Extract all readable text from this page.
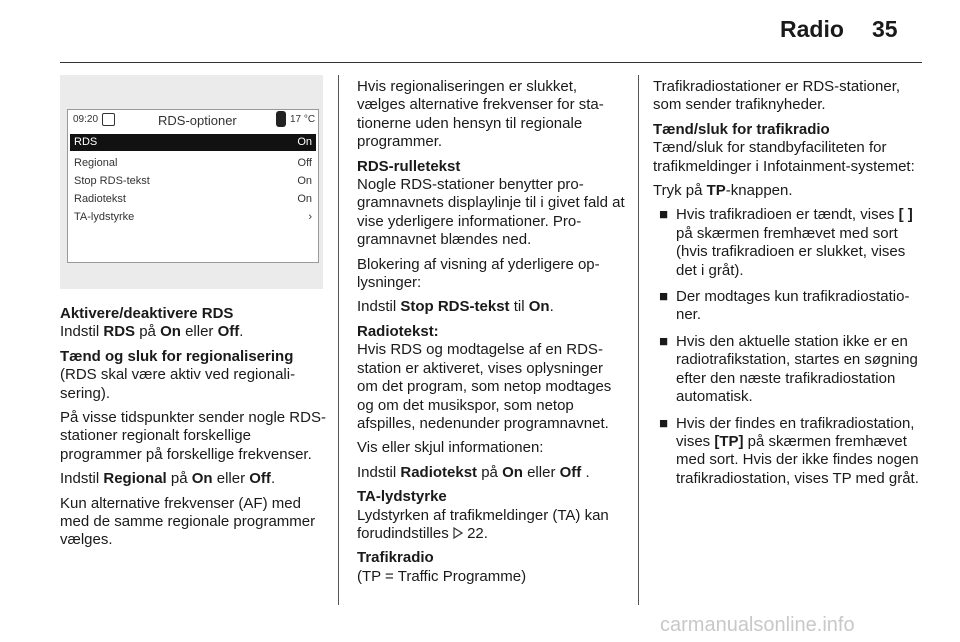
Radio 35
09:20	RDS-optioner	17 °C
RDS	On
Regional	Off
Stop RDS-tekst	On
Radiotekst	On
TA-lydstyrke	›

Aktivere/deaktivere RDS

Indstil RDS på On eller Off.

Tænd og sluk for regionalisering

(RDS skal være aktiv ved regionalisering).

På visse tidspunkter sender nogle RDS-stationer regionalt forskellige programmer på forskellige frekvenser.

Indstil Regional på On eller Off.

Kun alternative frekvenser (AF) med med de samme regionale programmer vælges.

Hvis regionaliseringen er slukket, vælges alternative frekvenser for stationerne uden hensyn til regionale programmer.

RDS-rulletekst

Nogle RDS-stationer benytter programnavnets displaylinje til i givet fald at vise yderligere informationer. Programnavnet blændes ned.

Blokering af visning af yderligere oplysninger:

Indstil Stop RDS-tekst til On.

Radiotekst:

Hvis RDS og modtagelse af en RDS-station er aktiveret, vises oplysninger om det program, som netop modtages og om det musikspor, som netop afspilles, nedenunder programnavnet.

Vis eller skjul informationen:

Indstil Radiotekst på On eller Off .

TA-lydstyrke

Lydstyrken af trafikmeldinger (TA) kan forudindstilles  22.

Trafikradio

(TP = Traffic Programme)

Trafikradiostationer er RDS-stationer, som sender trafiknyheder.

Tænd/sluk for trafikradio

Tænd/sluk for standbyfaciliteten for trafikmeldinger i Infotainment-systemet:

Tryk på TP-knappen.

■ Hvis trafikradioen er tændt, vises [ ] på skærmen fremhævet med sort (hvis trafikradioen er slukket, vises det i gråt).
■ Der modtages kun trafikradiostationer.
■ Hvis den aktuelle station ikke er en radiotrafikstation, startes en søgning efter den næste trafikradiostation automatisk.
■ Hvis der findes en trafikradiostation, vises [TP] på skærmen fremhævet med sort. Hvis der ikke findes nogen trafikradiostation, vises TP med gråt.
carmanualsonline.info
